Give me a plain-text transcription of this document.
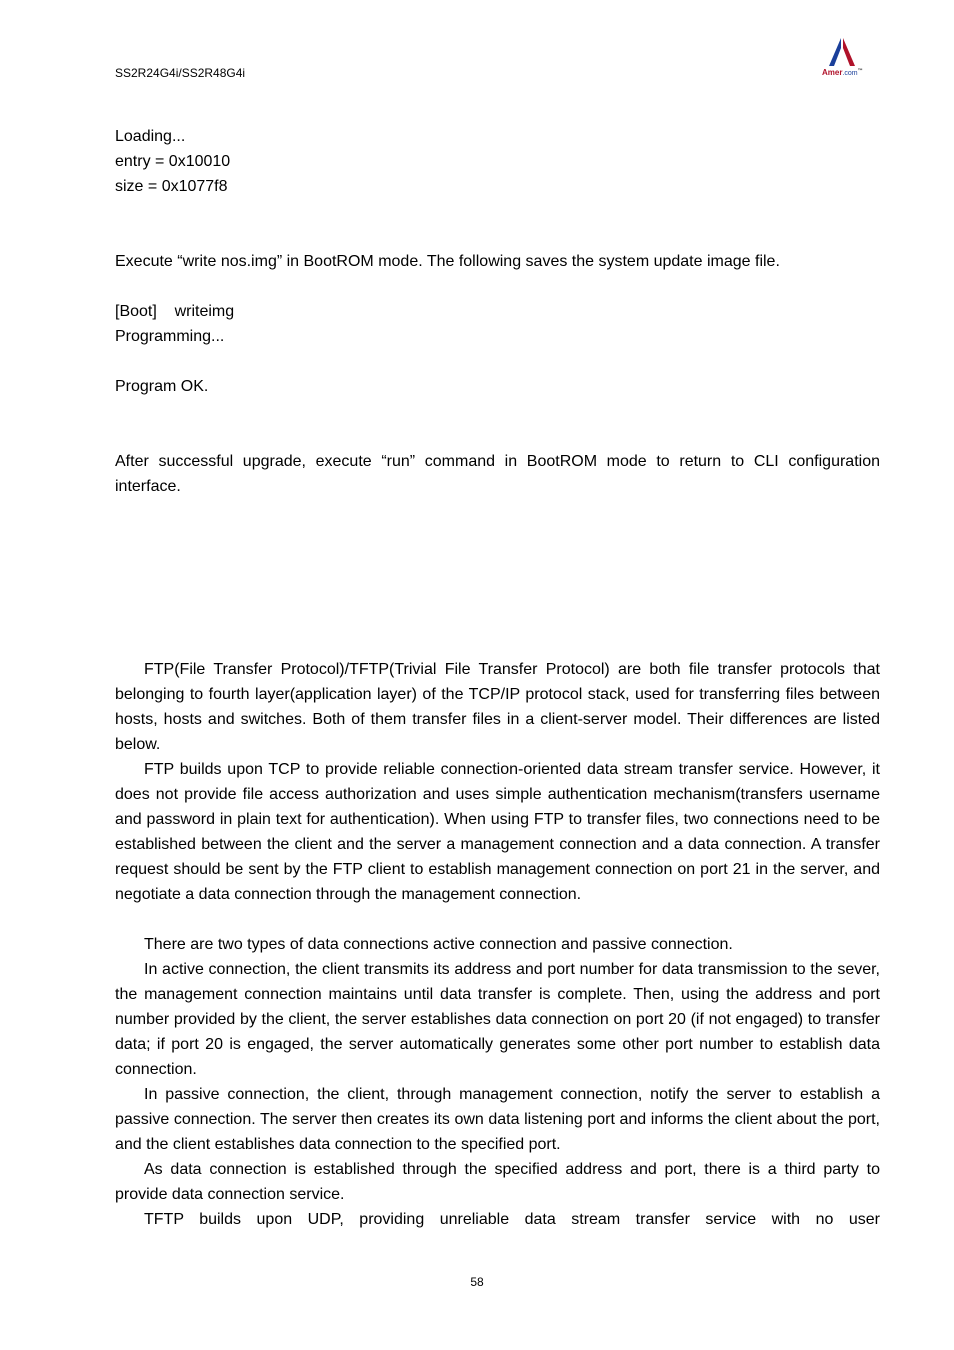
SS2R24G4i/SS2R48G4i	Amer.com™
Loading...
entry = 0x10010
size = 0x1077f8
Execute “write nos.img” in BootROM mode. The following saves the system update image file.
[Boot]    writeimg
Programming...
Program OK.

After successful upgrade, execute “run” command in BootROM mode to return to CLI configuration interface.

FTP(File Transfer Protocol)/TFTP(Trivial File Transfer Protocol) are both file transfer protocols that belonging to fourth layer(application layer) of the TCP/IP protocol stack, used for transferring files between hosts, hosts and switches. Both of them transfer files in a client-server model. Their differences are listed below.

FTP builds upon TCP to provide reliable connection-oriented data stream transfer service. However, it does not provide file access authorization and uses simple authentication mechanism(transfers username and password in plain text for authentication). When using FTP to transfer files, two connections need to be established between the client and the server a management connection and a data connection. A transfer request should be sent by the FTP client to establish management connection on port 21 in the server, and negotiate a data connection through the management connection.

There are two types of data connections active connection and passive connection.

In active connection, the client transmits its address and port number for data transmission to the sever, the management connection maintains until data transfer is complete. Then, using the address and port number provided by the client, the server establishes data connection on port 20 (if not engaged) to transfer data; if port 20 is engaged, the server automatically generates some other port number to establish data connection.

In passive connection, the client, through management connection, notify the server to establish a passive connection. The server then creates its own data listening port and informs the client about the port, and the client establishes data connection to the specified port.

As data connection is established through the specified address and port, there is a third party to provide data connection service.

TFTP builds upon UDP, providing unreliable data stream transfer service with no user

58
